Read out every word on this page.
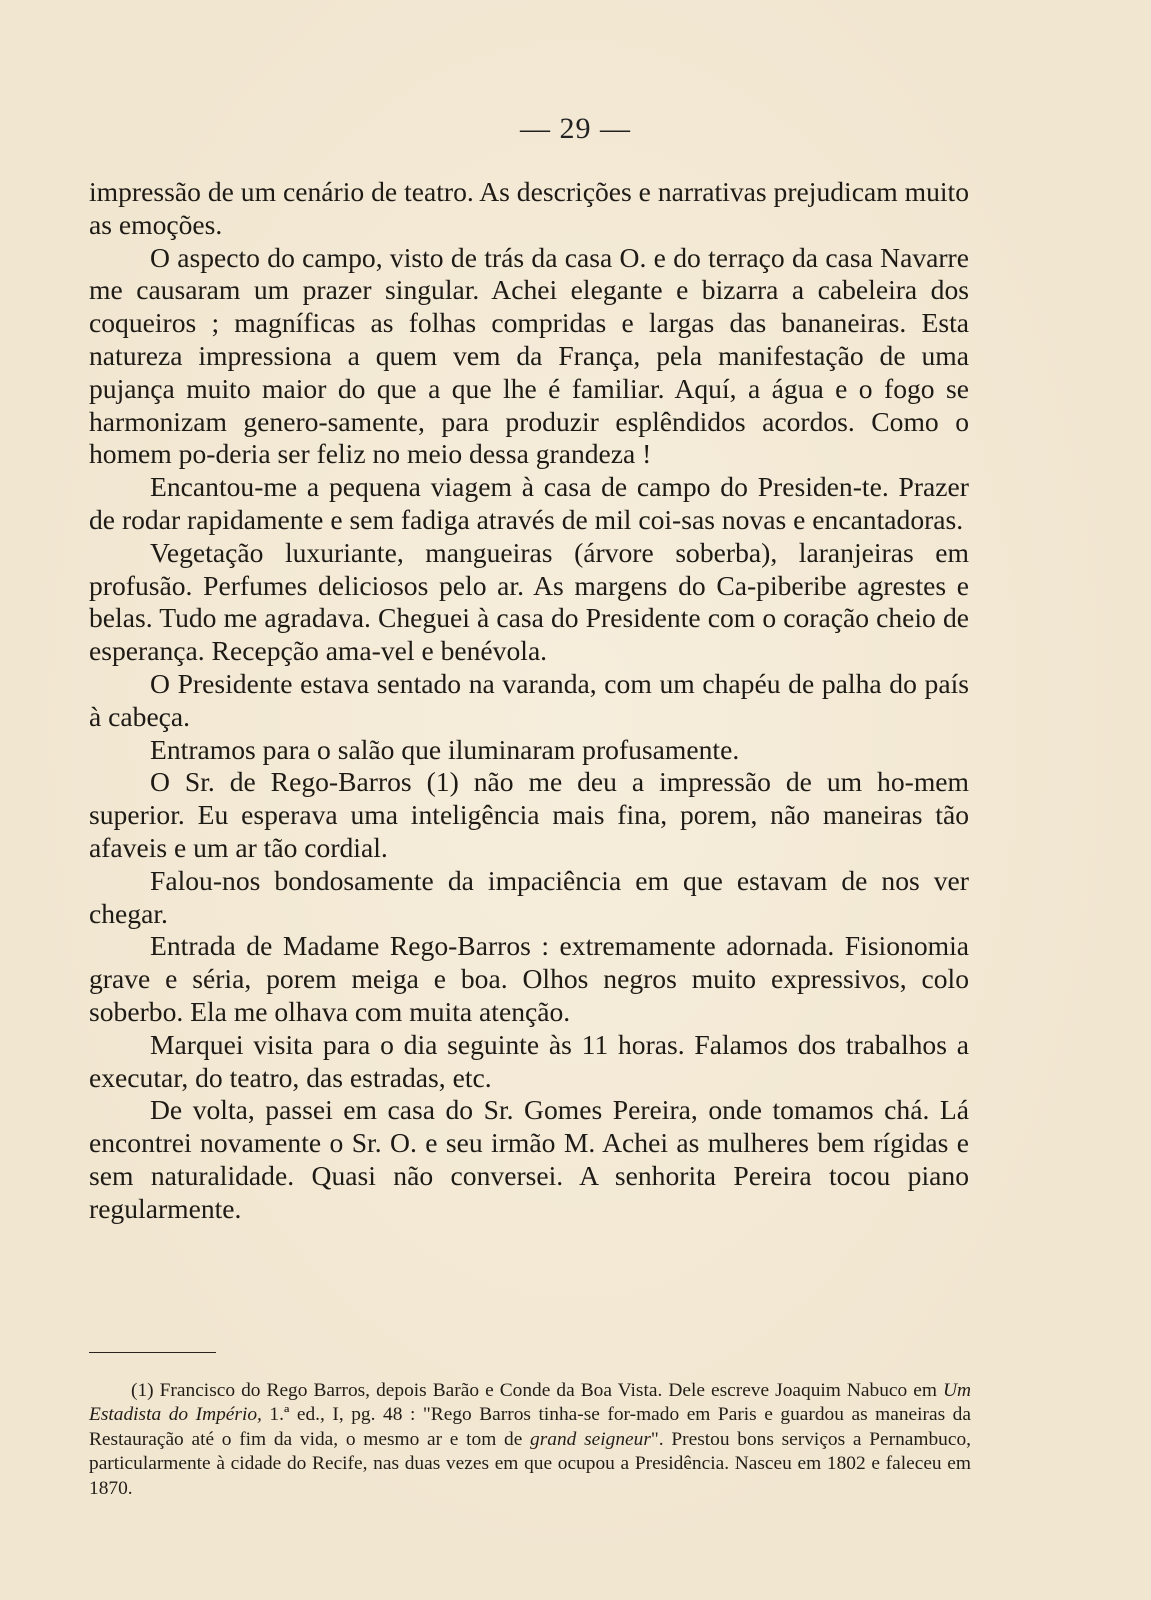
— 29 —

impressão de um cenário de teatro. As descrições e narrativas prejudicam muito as emoções.

O aspecto do campo, visto de trás da casa O. e do terraço da casa Navarre me causaram um prazer singular. Achei elegante e bizarra a cabeleira dos coqueiros ; magníficas as folhas compridas e largas das bananeiras. Esta natureza impressiona a quem vem da França, pela manifestação de uma pujança muito maior do que a que lhe é familiar. Aquí, a água e o fogo se harmonizam genero-samente, para produzir esplêndidos acordos. Como o homem po-deria ser feliz no meio dessa grandeza !

Encantou-me a pequena viagem à casa de campo do Presiden-te. Prazer de rodar rapidamente e sem fadiga através de mil coi-sas novas e encantadoras.

Vegetação luxuriante, mangueiras (árvore soberba), laranjeiras em profusão. Perfumes deliciosos pelo ar. As margens do Ca-piberibe agrestes e belas. Tudo me agradava. Cheguei à casa do Presidente com o coração cheio de esperança. Recepção ama-vel e benévola.

O Presidente estava sentado na varanda, com um chapéu de palha do país à cabeça.

Entramos para o salão que iluminaram profusamente.

O Sr. de Rego-Barros (1) não me deu a impressão de um ho-mem superior. Eu esperava uma inteligência mais fina, porem, não maneiras tão afaveis e um ar tão cordial.

Falou-nos bondosamente da impaciência em que estavam de nos ver chegar.

Entrada de Madame Rego-Barros : extremamente adornada. Fisionomia grave e séria, porem meiga e boa. Olhos negros muito expressivos, colo soberbo. Ela me olhava com muita atenção.

Marquei visita para o dia seguinte às 11 horas. Falamos dos trabalhos a executar, do teatro, das estradas, etc.

De volta, passei em casa do Sr. Gomes Pereira, onde tomamos chá. Lá encontrei novamente o Sr. O. e seu irmão M. Achei as mulheres bem rígidas e sem naturalidade. Quasi não conversei. A senhorita Pereira tocou piano regularmente.

(1) Francisco do Rego Barros, depois Barão e Conde da Boa Vista. Dele escreve Joaquim Nabuco em Um Estadista do Império, 1.ª ed., I, pg. 48 : "Rego Barros tinha-se for-mado em Paris e guardou as maneiras da Restauração até o fim da vida, o mesmo ar e tom de grand seigneur". Prestou bons serviços a Pernambuco, particularmente à cidade do Recife, nas duas vezes em que ocupou a Presidência. Nasceu em 1802 e faleceu em 1870.
